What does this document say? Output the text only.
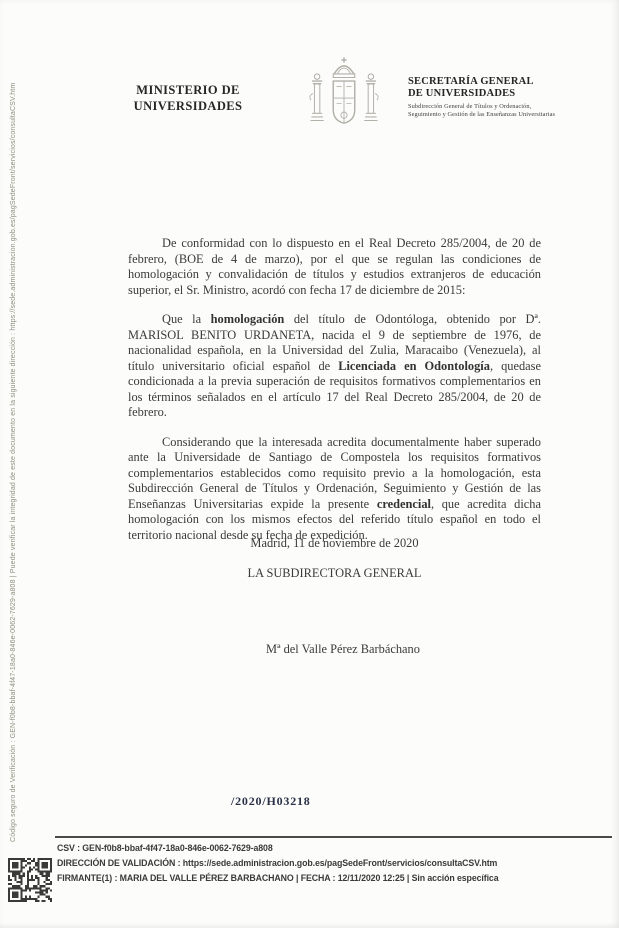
Código seguro de Verificación : GEN-f0b8-bbaf-4f47-18a0-846e-0062-7629-a808 | Puede verificar la integridad de este documento en la siguiente dirección : https://sede.administracion.gob.es/pagSedeFront/servicios/consultaCSV.htm	MINISTERIO DE
UNIVERSIDADES
SECRETARÍA GENERAL
DE UNIVERSIDADES
Subdirección General de Títulos y Ordenación,
Seguimiento y Gestión de las Enseñanzas Universitarias

De conformidad con lo dispuesto en el Real Decreto 285/2004, de 20 de febrero, (BOE de 4 de marzo), por el que se regulan las condiciones de homologación y convalidación de títulos y estudios extranjeros de educación superior, el Sr. Ministro, acordó con fecha 17 de diciembre de 2015:

Que la homologación del título de Odontóloga, obtenido por Dª. MARISOL BENITO URDANETA, nacida el 9 de septiembre de 1976, de nacionalidad española, en la Universidad del Zulia, Maracaibo (Venezuela), al título universitario oficial español de Licenciada en Odontología, quedase condicionada a la previa superación de requisitos formativos complementarios en los términos señalados en el artículo 17 del Real Decreto 285/2004, de 20 de febrero.

Considerando que la interesada acredita documentalmente haber superado ante la Universidade de Santiago de Compostela los requisitos formativos complementarios establecidos como requisito previo a la homologación, esta Subdirección General de Títulos y Ordenación, Seguimiento y Gestión de las Enseñanzas Universitarias expide la presente credencial, que acredita dicha homologación con los mismos efectos del referido título español en todo el territorio nacional desde su fecha de expedición.

Madrid, 11 de noviembre de 2020
LA SUBDIRECTORA GENERAL
Mª del Valle Pérez Barbáchano
/2020/H03218
CSV : GEN-f0b8-bbaf-4f47-18a0-846e-0062-7629-a808
DIRECCIÓN DE VALIDACIÓN : https://sede.administracion.gob.es/pagSedeFront/servicios/consultaCSV.htm
FIRMANTE(1) : MARIA DEL VALLE PÉREZ BARBACHANO | FECHA : 12/11/2020 12:25 | Sin acción específica
